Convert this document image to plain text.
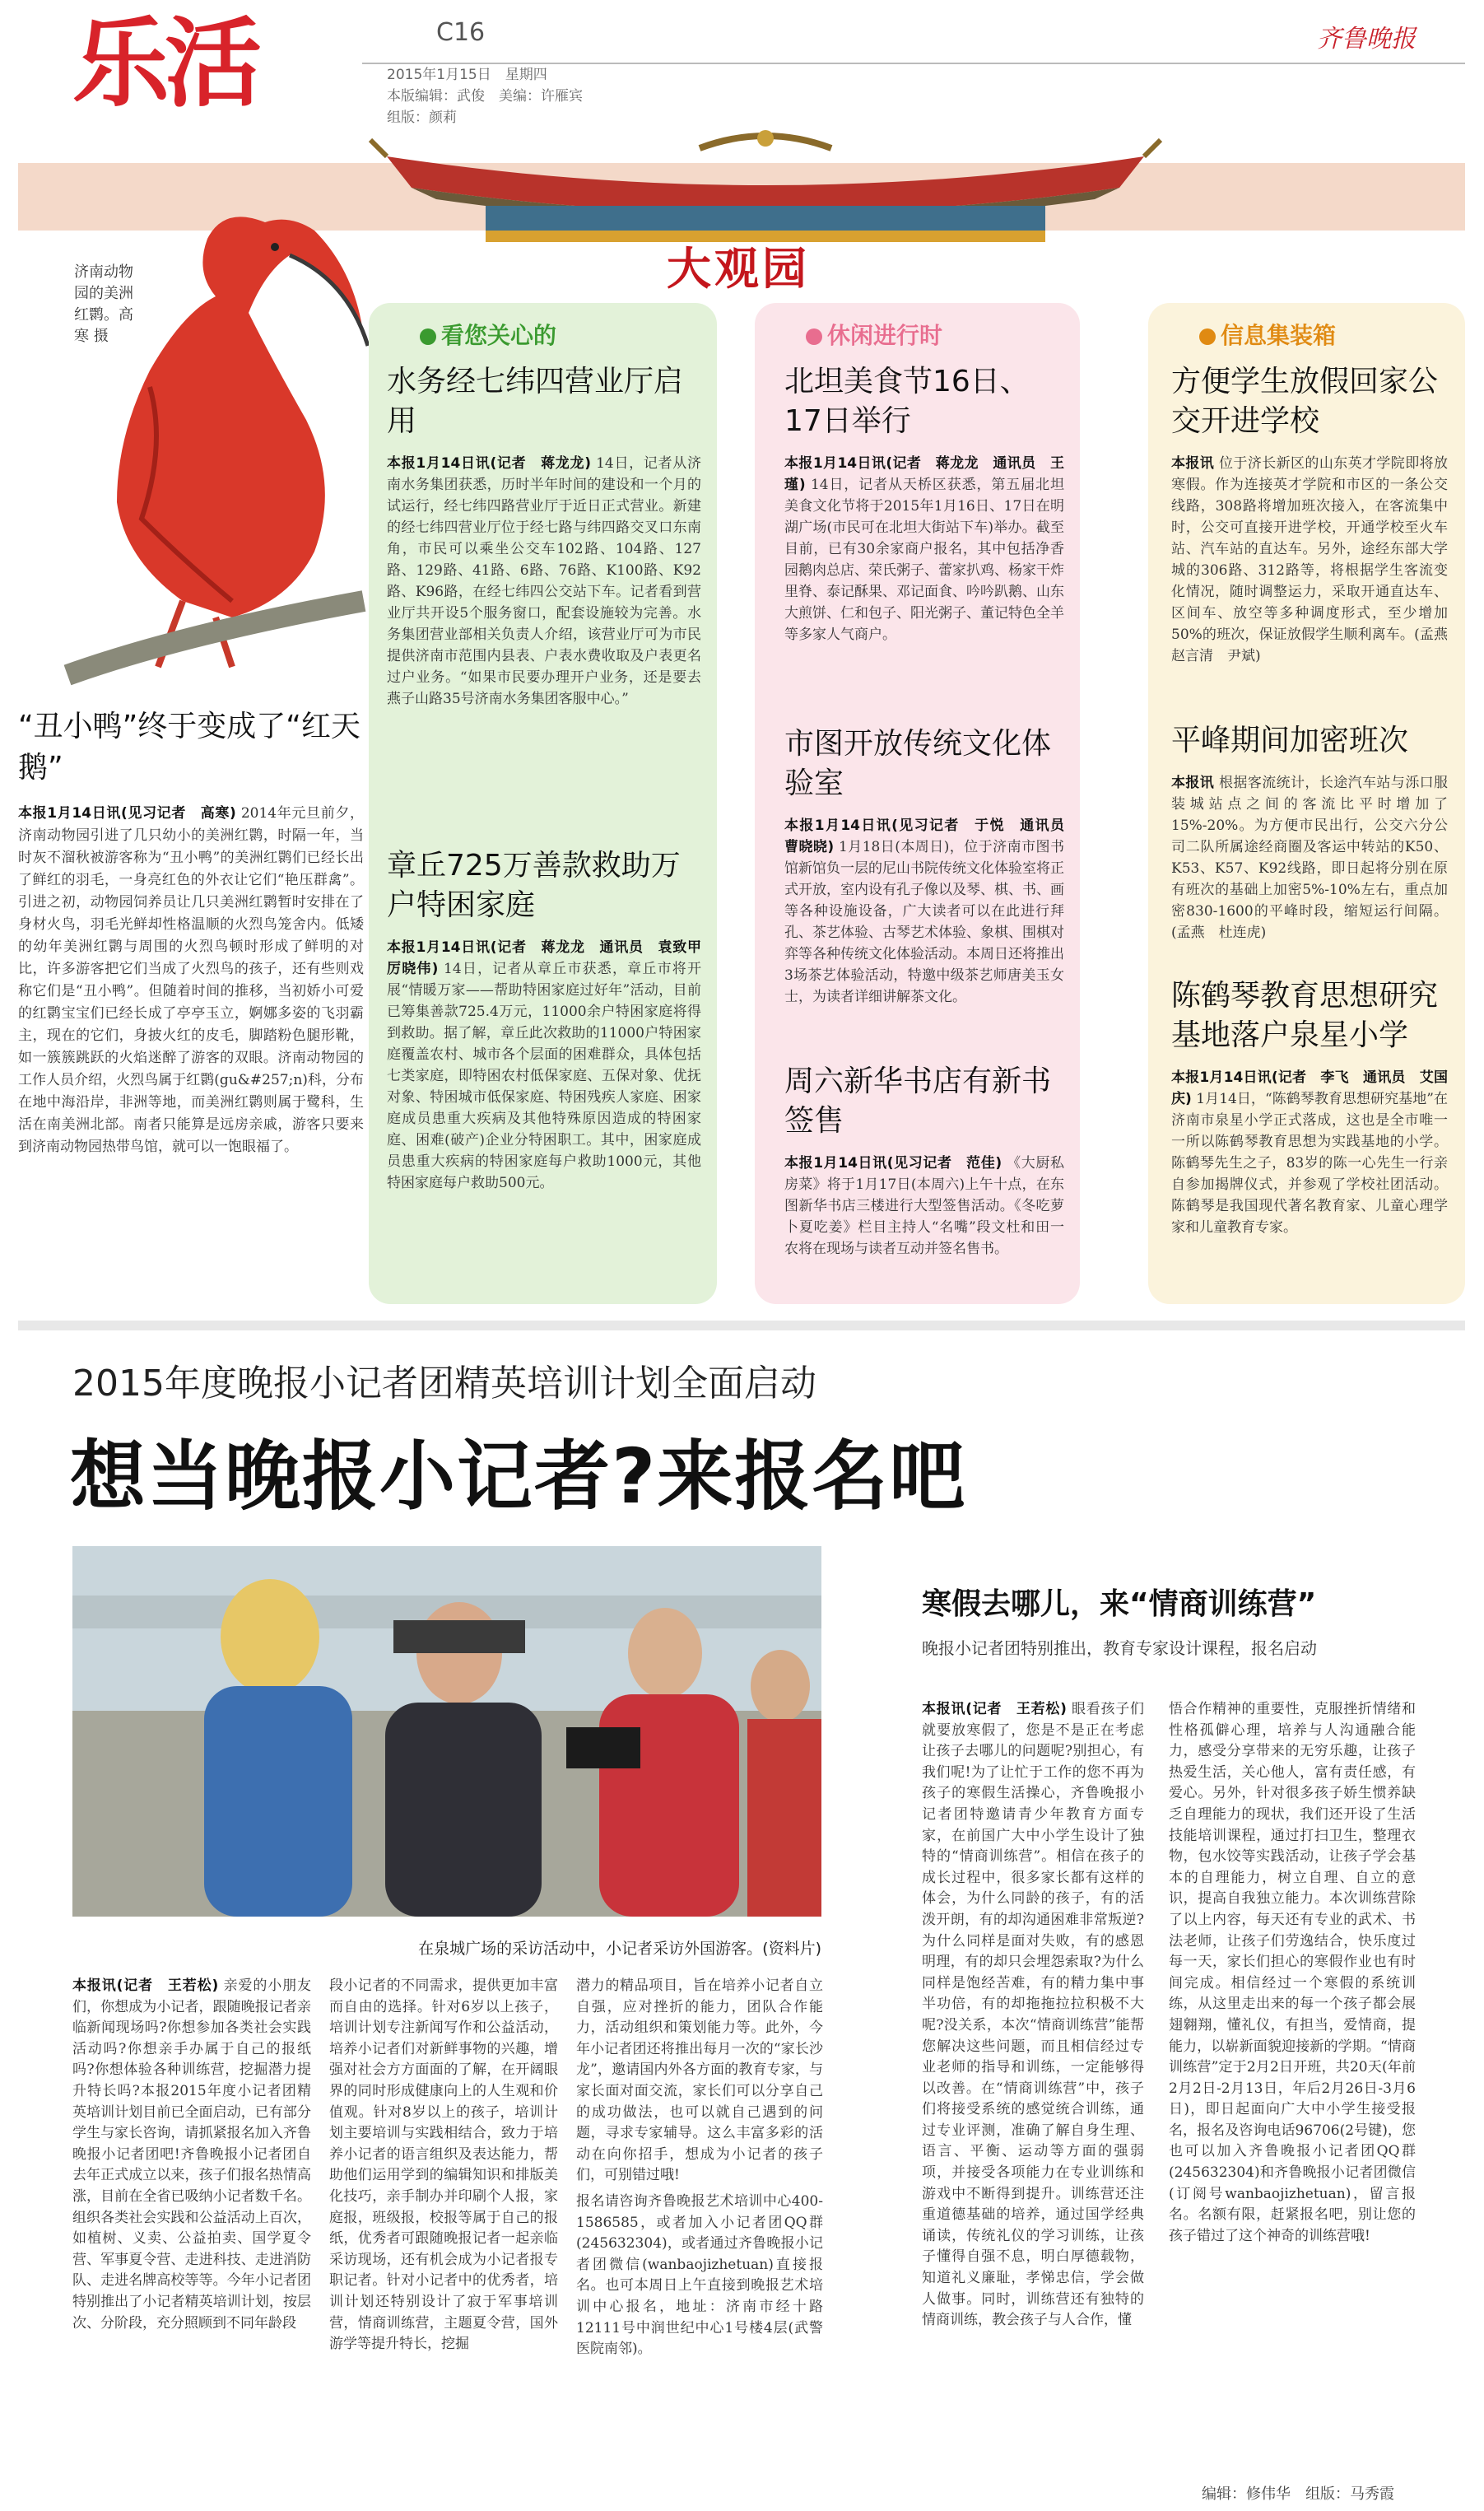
乐活	C16
2015年1月15日　星期四
本版编辑：武俊　美编：许雁宾
组版：颜莉
齐鲁晚报
大观园
济南动物园的美洲红鹮。高寒 摄
“丑小鸭”终于变成了“红天鹅”
本报1月14日讯(见习记者　高寒) 2014年元旦前夕，济南动物园引进了几只幼小的美洲红鹮，时隔一年，当时灰不溜秋被游客称为“丑小鸭”的美洲红鹮们已经长出了鲜红的羽毛，一身亮红色的外衣让它们“艳压群禽”。引进之初，动物园饲养员让几只美洲红鹮暂时安排在了身材火鸟，羽毛光鲜却性格温顺的火烈鸟笼舍内。低矮的幼年美洲红鹮与周围的火烈鸟顿时形成了鲜明的对比，许多游客把它们当成了火烈鸟的孩子，还有些则戏称它们是“丑小鸭”。但随着时间的推移，当初娇小可爱的红鹮宝宝们已经长成了亭亭玉立，婀娜多姿的飞羽霸主，现在的它们，身披火红的皮毛，脚踏粉色腿形靴，如一簇簇跳跃的火焰迷醉了游客的双眼。济南动物园的工作人员介绍，火烈鸟属于红鹮(gu&#257;n)科，分布在地中海沿岸，非洲等地，而美洲红鹮则属于鹭科，生活在南美洲北部。南者只能算是远房亲戚，游客只要来到济南动物园热带鸟馆，就可以一饱眼福了。
看您关心的
水务经七纬四营业厅启用
本报1月14日讯(记者　蒋龙龙) 14日，记者从济南水务集团获悉，历时半年时间的建设和一个月的试运行，经七纬四路营业厅于近日正式营业。新建的经七纬四营业厅位于经七路与纬四路交叉口东南角，市民可以乘坐公交车102路、104路、127路、129路、41路、6路、76路、K100路、K92路、K96路，在经七纬四公交站下车。记者看到营业厅共开设5个服务窗口，配套设施较为完善。水务集团营业部相关负责人介绍，该营业厅可为市民提供济南市范围内县表、户表水费收取及户表更名过户业务。“如果市民要办理开户业务，还是要去燕子山路35号济南水务集团客服中心。”
章丘725万善款救助万户特困家庭
本报1月14日讯(记者　蒋龙龙　通讯员　袁致甲　厉晓伟) 14日，记者从章丘市获悉，章丘市将开展“情暖万家——帮助特困家庭过好年”活动，目前已筹集善款725.4万元，11000余户特困家庭将得到救助。据了解，章丘此次救助的11000户特困家庭覆盖农村、城市各个层面的困难群众，具体包括七类家庭，即特困农村低保家庭、五保对象、优抚对象、特困城市低保家庭、特困残疾人家庭、困家庭成员患重大疾病及其他特殊原因造成的特困家庭、困难(破产)企业分特困职工。其中，困家庭成员患重大疾病的特困家庭每户救助1000元，其他特困家庭每户救助500元。
休闲进行时
北坦美食节16日、17日举行
本报1月14日讯(记者　蒋龙龙　通讯员　王瑾) 14日，记者从天桥区获悉，第五届北坦美食文化节将于2015年1月16日、17日在明湖广场(市民可在北坦大街站下车)举办。截至目前，已有30余家商户报名，其中包括净香园鹅肉总店、荣氏粥子、蕾家扒鸡、杨家干炸里脊、泰记酥果、邓记面食、吟吟趴鹅、山东大煎饼、仁和包子、阳光粥子、董记特色全羊等多家人气商户。
市图开放传统文化体验室
本报1月14日讯(见习记者　于悦　通讯员　曹晓晓) 1月18日(本周日)，位于济南市图书馆新馆负一层的尼山书院传统文化体验室将正式开放，室内设有孔子像以及琴、棋、书、画等各种设施设备，广大读者可以在此进行拜孔、茶艺体验、古琴艺术体验、象棋、围棋对弈等各种传统文化体验活动。本周日还将推出3场茶艺体验活动，特邀中级茶艺师唐美玉女士，为读者详细讲解茶文化。
周六新华书店有新书签售
本报1月14日讯(见习记者　范佳) 《大厨私房菜》将于1月17日(本周六)上午十点，在东图新华书店三楼进行大型签售活动。《冬吃萝卜夏吃姜》栏目主持人“名嘴”段文杜和田一农将在现场与读者互动并签名售书。
信息集装箱
方便学生放假回家公交开进学校
本报讯 位于济长新区的山东英才学院即将放寒假。作为连接英才学院和市区的一条公交线路，308路将增加班次接入，在客流集中时，公交可直接开进学校，开通学校至火车站、汽车站的直达车。另外，途经东部大学城的306路、312路等，将根据学生客流变化情况，随时调整运力，采取开通直达车、区间车、放空等多种调度形式，至少增加50%的班次，保证放假学生顺利离车。(孟燕　赵言清　尹斌)
平峰期间加密班次
本报讯 根据客流统计，长途汽车站与泺口服装城站点之间的客流比平时增加了15%-20%。为方便市民出行，公交六分公司二队所属途经商圈及客运中转站的K50、K53、K57、K92线路，即日起将分别在原有班次的基础上加密5%-10%左右，重点加密830-1600的平峰时段，缩短运行间隔。(孟燕　杜连虎)
陈鹤琴教育思想研究基地落户泉星小学
本报1月14日讯(记者　李飞　通讯员　艾国庆) 1月14日，“陈鹤琴教育思想研究基地”在济南市泉星小学正式落成，这也是全市唯一一所以陈鹤琴教育思想为实践基地的小学。陈鹤琴先生之子，83岁的陈一心先生一行亲自参加揭牌仪式，并参观了学校社团活动。陈鹤琴是我国现代著名教育家、儿童心理学家和儿童教育专家。
2015年度晚报小记者团精英培训计划全面启动
想当晚报小记者?来报名吧
在泉城广场的采访活动中，小记者采访外国游客。(资料片)
寒假去哪儿，来“情商训练营”
晚报小记者团特别推出，教育专家设计课程，报名启动
本报讯(记者　王若松) 亲爱的小朋友们，你想成为小记者，跟随晚报记者亲临新闻现场吗?你想参加各类社会实践活动吗?你想亲手办属于自己的报纸吗?你想体验各种训练营，挖掘潜力提升特长吗?本报2015年度小记者团精英培训计划目前已全面启动，已有部分学生与家长咨询，请抓紧报名加入齐鲁晚报小记者团吧!齐鲁晚报小记者团自去年正式成立以来，孩子们报名热情高涨，目前在全省已吸纳小记者数千名。组织各类社会实践和公益活动上百次，如植树、义卖、公益拍卖、国学夏令营、军事夏令营、走进科技、走进消防队、走进名牌高校等等。今年小记者团特别推出了小记者精英培训计划，按层次、分阶段，充分照顾到不同年龄段
段小记者的不同需求，提供更加丰富而自由的选择。针对6岁以上孩子，培训计划专注新闻写作和公益活动，培养小记者们对新鲜事物的兴趣，增强对社会方方面面的了解，在开阔眼界的同时形成健康向上的人生观和价值观。针对8岁以上的孩子，培训计划主要培训与实践相结合，致力于培养小记者的语言组织及表达能力，帮助他们运用学到的编辑知识和排版美化技巧，亲手制办并印刷个人报，家庭报，班级报，校报等属于自己的报纸，优秀者可跟随晚报记者一起亲临采访现场，还有机会成为小记者报专职记者。针对小记者中的优秀者，培训计划还特别设计了寂于军事培训营，情商训练营，主题夏令营，国外游学等提升特长，挖掘
潜力的精品项目，旨在培养小记者自立自强，应对挫折的能力，团队合作能力，活动组织和策划能力等。此外，今年小记者团还将推出每月一次的“家长沙龙”，邀请国内外各方面的教育专家，与家长面对面交流，家长们可以分享自己的成功做法，也可以就自己遇到的问题，寻求专家辅导。这么丰富多彩的活动在向你招手，想成为小记者的孩子们，可别错过哦!
报名请咨询齐鲁晚报艺术培训中心400-1586585，或者加入小记者团QQ群(245632304)，或者通过齐鲁晚报小记者团微信(wanbaojizhetuan)直接报名。也可本周日上午直接到晚报艺术培训中心报名，地址：济南市经十路12111号中润世纪中心1号楼4层(武警医院南邻)。
本报讯(记者　王若松) 眼看孩子们就要放寒假了，您是不是正在考虑让孩子去哪儿的问题呢?别担心，有我们呢!为了让忙于工作的您不再为孩子的寒假生活操心，齐鲁晚报小记者团特邀请青少年教育方面专家，在前国广大中小学生设计了独特的“情商训练营”。相信在孩子的成长过程中，很多家长都有这样的体会，为什么同龄的孩子，有的活泼开朗，有的却沟通困难非常叛逆?为什么同样是面对失败，有的感恩明理，有的却只会埋怨索取?为什么同样是饱经苦难，有的精力集中事半功倍，有的却拖拖拉拉积极不大呢?没关系，本次“情商训练营”能帮您解决这些问题，而且相信经过专业老师的指导和训练，一定能够得以改善。在“情商训练营”中，孩子们将接受系统的感觉统合训练，通过专业评测，准确了解自身生理、语言、平衡、运动等方面的强弱项，并接受各项能力在专业训练和游戏中不断得到提升。训练营还注重道德基础的培养，通过国学经典诵读，传统礼仪的学习训练，让孩子懂得自强不息，明白厚德载物，知道礼义廉耻，孝悌忠信，学会做人做事。同时，训练营还有独特的情商训练，教会孩子与人合作，懂
悟合作精神的重要性，克服挫折情绪和性格孤僻心理，培养与人沟通融合能力，感受分享带来的无穷乐趣，让孩子热爱生活，关心他人，富有责任感，有爱心。另外，针对很多孩子娇生惯养缺乏自理能力的现状，我们还开设了生活技能培训课程，通过打扫卫生，整理衣物，包水饺等实践活动，让孩子学会基本的自理能力，树立自理、自立的意识，提高自我独立能力。本次训练营除了以上内容，每天还有专业的武术、书法老师，让孩子们劳逸结合，快乐度过每一天，家长们担心的寒假作业也有时间完成。相信经过一个寒假的系统训练，从这里走出来的每一个孩子都会展翅翱翔，懂礼仪，有担当，爱情商，提能力，以崭新面貌迎接新的学期。“情商训练营”定于2月2日开班，共20天(年前2月2日-2月13日，年后2月26日-3月6日)，即日起面向广大中小学生接受报名，报名及咨询电话96706(2号键)，您也可以加入齐鲁晚报小记者团QQ群(245632304)和齐鲁晚报小记者团微信(订阅号wanbaojizhetuan)，留言报名。名额有限，赶紧报名吧，别让您的孩子错过了这个神奇的训练营哦!
编辑：修伟华　组版：马秀霞
